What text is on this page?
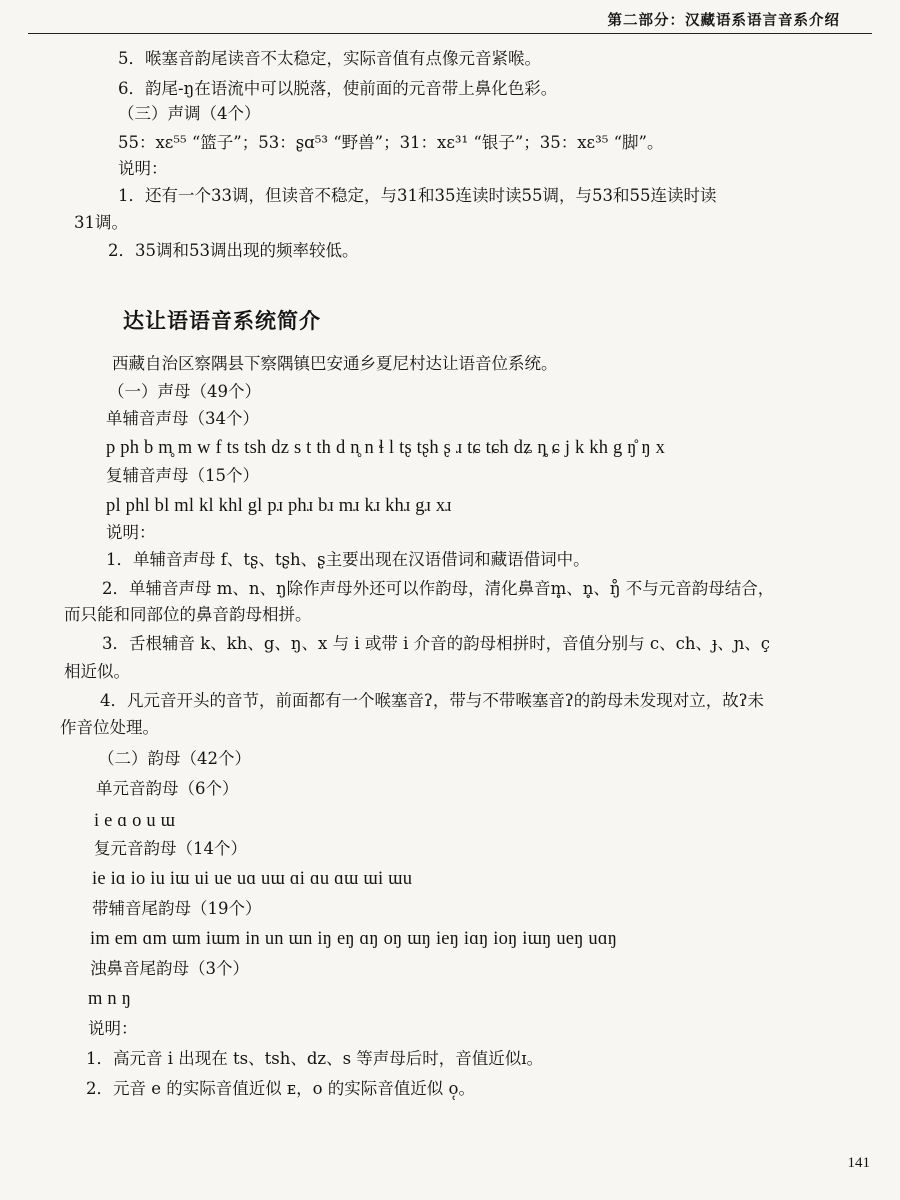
第二部分：汉藏语系语言音系介绍
5．喉塞音韵尾读音不太稳定，实际音值有点像元音紧喉。
6．韵尾-ŋ在语流中可以脱落，使前面的元音带上鼻化色彩。
（三）声调（4个）
55：xɛ⁵⁵ “篮子”；53：ʂɑ⁵³ “野兽”；31：xɛ³¹ “银子”；35：xɛ³⁵ “脚”。
说明：
1．还有一个33调，但读音不稳定，与31和35连读时读55调，与53和55连读时读
31调。
2．35调和53调出现的频率较低。
达让语语音系统简介
西藏自治区察隅县下察隅镇巴安通乡夏尼村达让语音位系统。
（一）声母（49个）
单辅音声母（34个）
p ph b m̥ m w f ts tsh dz s t th d n̥ n ɬ l tʂ tʂh ʂ ɹ tɕ tɕh dʑ ȵ ɕ j k kh g ŋ̊ ŋ x
复辅音声母（15个）
pl phl bl ml kl khl gl pɹ phɹ bɹ mɹ kɹ khɹ gɹ xɹ
说明：
1．单辅音声母 f、tʂ、tʂh、ʂ主要出现在汉语借词和藏语借词中。
2．单辅音声母 m、n、ŋ除作声母外还可以作韵母，清化鼻音m̥、n̥、ŋ̊ 不与元音韵母结合，
而只能和同部位的鼻音韵母相拼。
3．舌根辅音 k、kh、g、ŋ、x 与 i 或带 i 介音的韵母相拼时，音值分别与 c、ch、ɟ、ɲ、ç
相近似。
4．凡元音开头的音节，前面都有一个喉塞音ʔ，带与不带喉塞音ʔ的韵母未发现对立，故ʔ未
作音位处理。
（二）韵母（42个）
单元音韵母（6个）
i e ɑ o u ɯ
复元音韵母（14个）
ie iɑ io iu iɯ ui ue uɑ uɯ ɑi ɑu ɑɯ ɯi ɯu
带辅音尾韵母（19个）
im em ɑm ɯm iɯm in un ɯn iŋ eŋ ɑŋ oŋ ɯŋ ieŋ iɑŋ ioŋ iɯŋ ueŋ uɑŋ
浊鼻音尾韵母（3个）
m n ŋ
说明：
1．高元音 i 出现在 ts、tsh、dz、s 等声母后时，音值近似ɪ。
2．元音 e 的实际音值近似 ᴇ，o 的实际音值近似 o̜。
141
